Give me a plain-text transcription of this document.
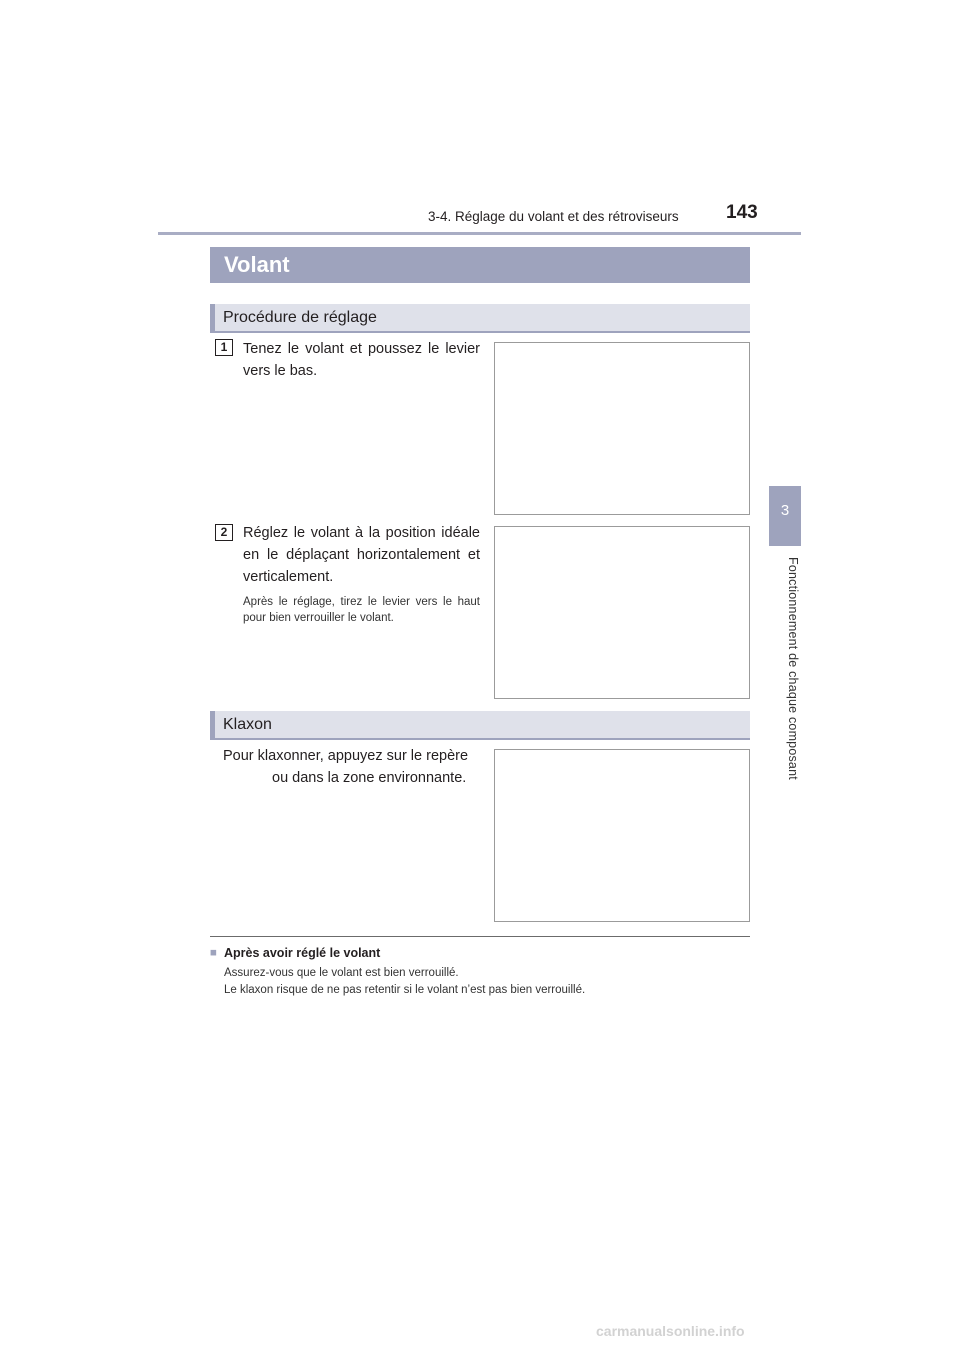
3-4. Réglage du volant et des rétroviseurs 143
3
Fonctionnement de chaque composant
Volant
Procédure de réglage
1	Tenez le volant et poussez le levier vers le bas.
2	Réglez le volant à la position idéale en le déplaçant horizontalement et verticalement.
Après le réglage, tirez le levier vers le haut pour bien verrouiller le volant.
Klaxon
Pour klaxonner, appuyez sur le repère
ou dans la zone environnante.
■ Après avoir réglé le volant
Assurez-vous que le volant est bien verrouillé.
Le klaxon risque de ne pas retentir si le volant n’est pas bien verrouillé.
carmanualsonline.info
